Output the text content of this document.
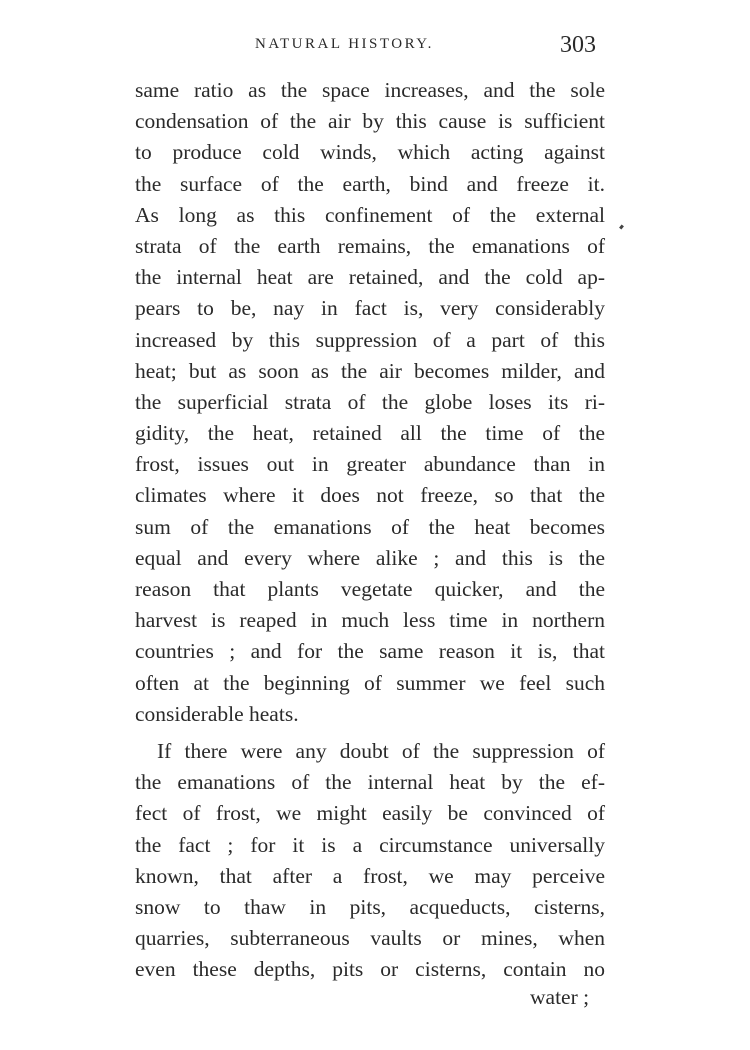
NATURAL HISTORY.	303
same ratio as the space increases, and the sole
condensation of the air by this cause is sufficient
to produce cold winds, which acting against
the surface of the earth, bind and freeze it.
As long as this confinement of the external
strata of the earth remains, the emanations of
the internal heat are retained, and the cold ap-
pears to be, nay in fact is, very considerably
increased by this suppression of a part of this
heat; but as soon as the air becomes milder, and
the superficial strata of the globe loses its ri-
gidity, the heat, retained all the time of the
frost, issues out in greater abundance than in
climates where it does not freeze, so that the
sum of the emanations of the heat becomes
equal and every where alike ; and this is the
reason that plants vegetate quicker, and the
harvest is reaped in much less time in northern
countries ; and for the same reason it is, that
often at the beginning of summer we feel such
considerable heats.
If there were any doubt of the suppression of
the emanations of the internal heat by the ef-
fect of frost, we might easily be convinced of
the fact ; for it is a circumstance universally
known, that after a frost, we may perceive
snow to thaw in pits, acqueducts, cisterns,
quarries, subterraneous vaults or mines, when
even these depths, pits or cisterns, contain no
water ;
